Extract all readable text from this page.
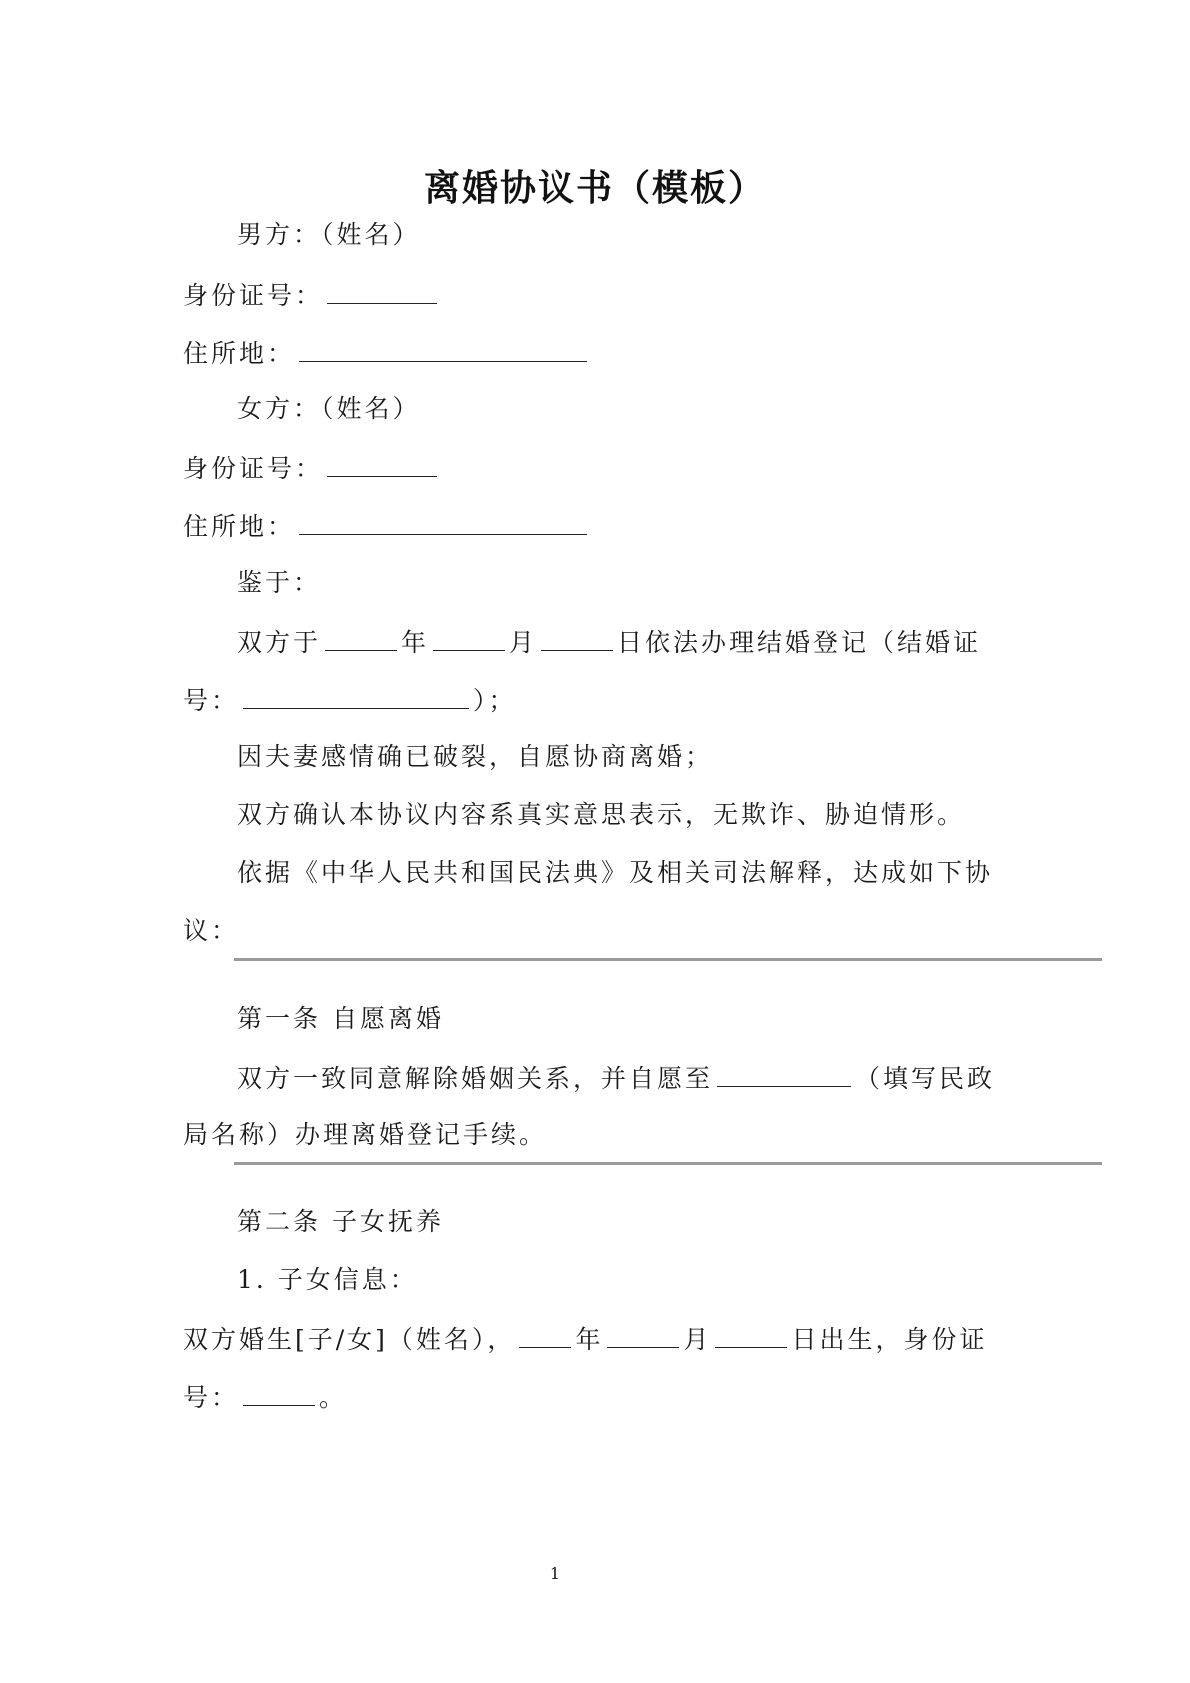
离婚协议书（模板）
男方：（姓名）
身份证号：
住所地：
女方：（姓名）
身份证号：
住所地：
鉴于：
双方于	年	月	日依法办理结婚登记（结婚证
号：	）；
因夫妻感情确已破裂，自愿协商离婚；
双方确认本协议内容系真实意思表示，无欺诈、胁迫情形。
依据《中华人民共和国民法典》及相关司法解释，达成如下协
议：
第一条 自愿离婚
双方一致同意解除婚姻关系，并自愿至	（填写民政
局名称）办理离婚登记手续。
第二条 子女抚养
1. 子女信息：
双方婚生[子/女]（姓名）， 年	月	日出生，身份证
号：	。
1
